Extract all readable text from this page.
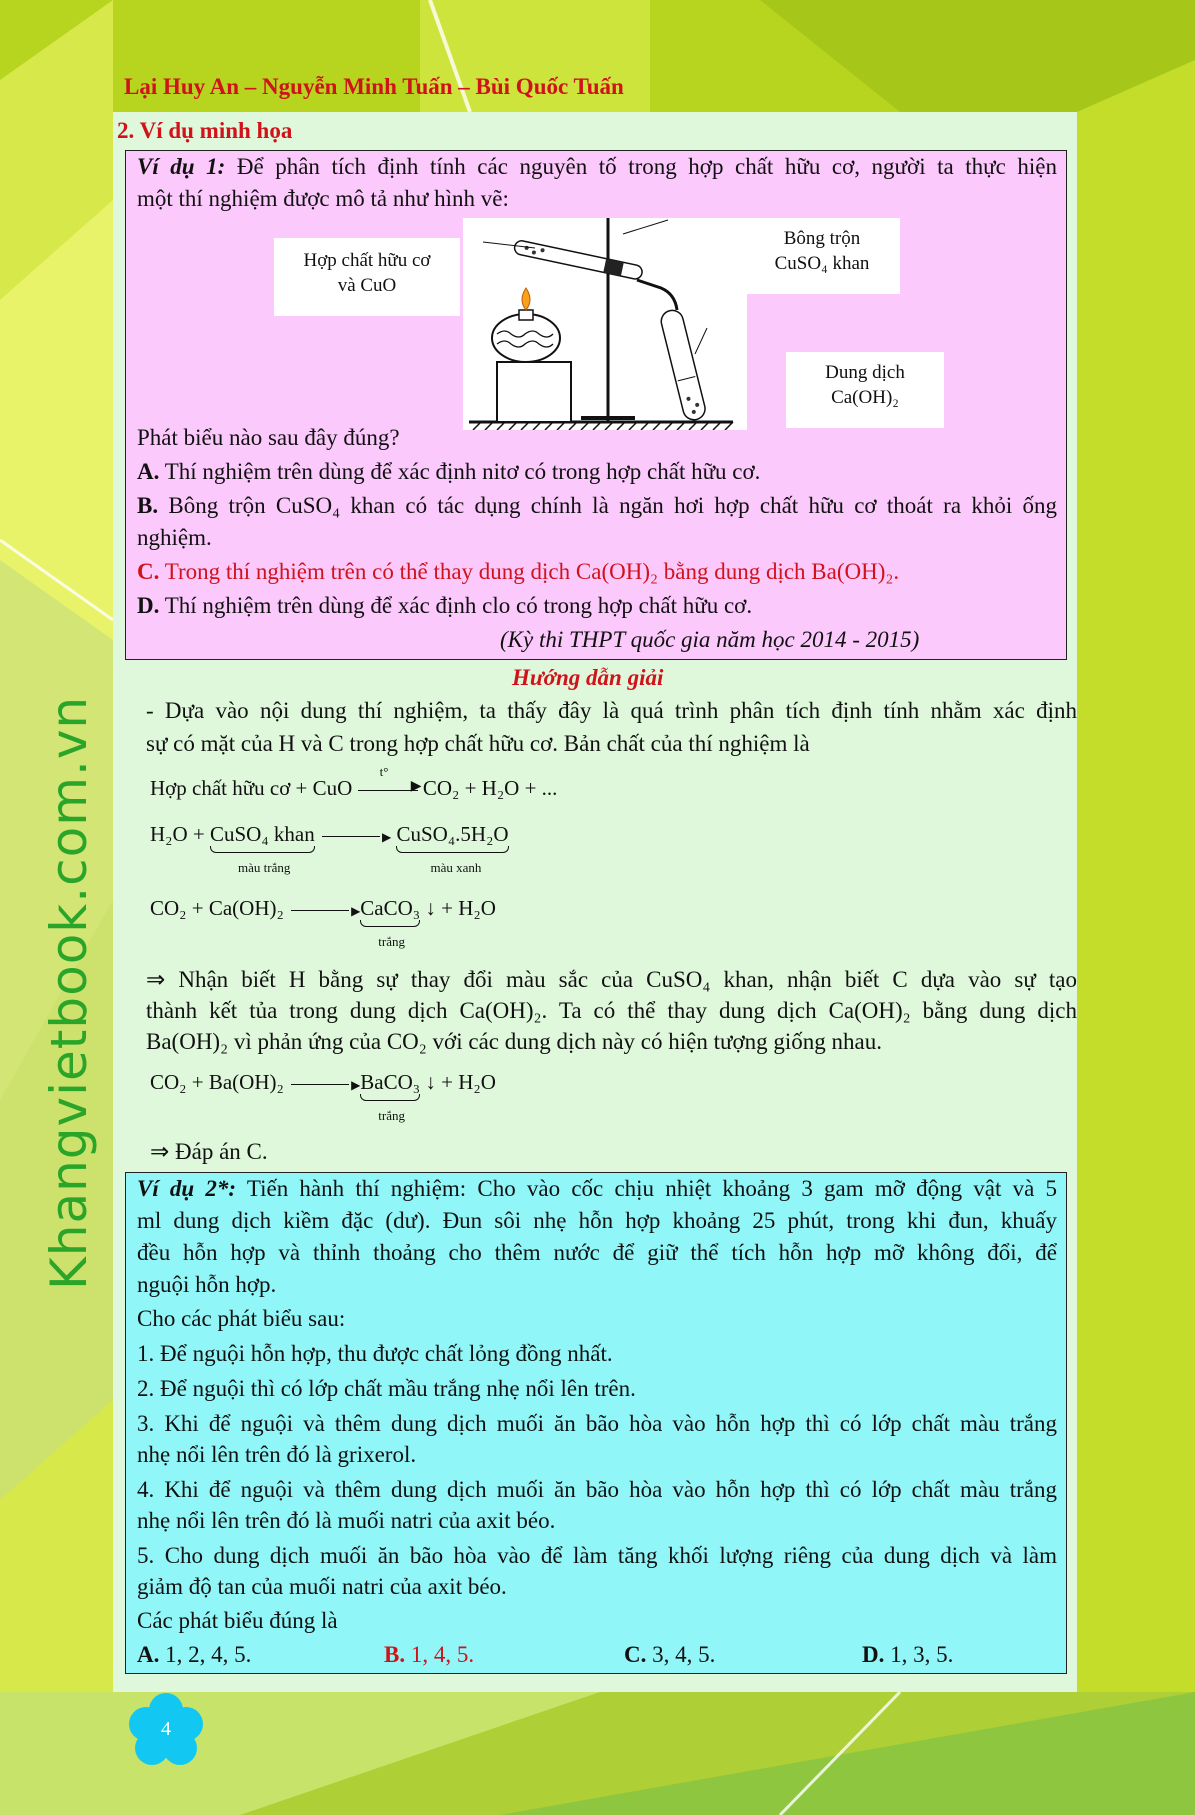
Lại Huy An – Nguyễn Minh Tuấn – Bùi Quốc Tuấn
2. Ví dụ minh họa
Ví dụ 1: Để phân tích định tính các nguyên tố trong hợp chất hữu cơ, người ta thực hiện
một thí nghiệm được mô tả như hình vẽ:
Hợp chất hữu cơ
và CuO
Bông trộn
CuSO₄ khan
Dung dịch
Ca(OH)₂
Phát biểu nào sau đây đúng?
A. Thí nghiệm trên dùng để xác định nitơ có trong hợp chất hữu cơ.
B. Bông trộn CuSO₄ khan có tác dụng chính là ngăn hơi hợp chất hữu cơ thoát ra khỏi ống
nghiệm.
C. Trong thí nghiệm trên có thể thay dung dịch Ca(OH)₂ bằng dung dịch Ba(OH)₂.
D. Thí nghiệm trên dùng để xác định clo có trong hợp chất hữu cơ.
(Kỳ thi THPT quốc gia năm học 2014 - 2015)
Hướng dẫn giải
- Dựa vào nội dung thí nghiệm, ta thấy đây là quá trình phân tích định tính nhằm xác định
sự có mặt của H và C trong hợp chất hữu cơ. Bản chất của thí nghiệm là
Hợp chất hữu cơ + CuO
t°
▶ CO₂ + H₂O + ...
H₂O + CuSO₄ khan
màu trắng
▶ CuSO₄.5H₂O
màu xanh
CO₂ + Ca(OH)₂	▶CaCO₃
trắng
↓ + H₂O
⇒ Nhận biết H bằng sự thay đổi màu sắc của CuSO₄ khan, nhận biết C dựa vào sự tạo
thành kết tủa trong dung dịch Ca(OH)₂. Ta có thể thay dung dịch Ca(OH)₂ bằng dung dịch
Ba(OH)₂ vì phản ứng của CO₂ với các dung dịch này có hiện tượng giống nhau.
CO₂ + Ba(OH)₂	▶BaCO₃
trắng
↓ + H₂O
⇒ Đáp án C.
Ví dụ 2*: Tiến hành thí nghiệm: Cho vào cốc chịu nhiệt khoảng 3 gam mỡ động vật và 5
ml dung dịch kiềm đặc (dư). Đun sôi nhẹ hỗn hợp khoảng 25 phút, trong khi đun, khuấy
đều hỗn hợp và thỉnh thoảng cho thêm nước để giữ thể tích hỗn hợp mỡ không đổi, để
nguội hỗn hợp.
Cho các phát biểu sau:
1. Để nguội hỗn hợp, thu được chất lỏng đồng nhất.
2. Để nguội thì có lớp chất mầu trắng nhẹ nổi lên trên.
3. Khi để nguội và thêm dung dịch muối ăn bão hòa vào hỗn hợp thì có lớp chất màu trắng
nhẹ nổi lên trên đó là grixerol.
4. Khi để nguội và thêm dung dịch muối ăn bão hòa vào hỗn hợp thì có lớp chất màu trắng
nhẹ nổi lên trên đó là muối natri của axit béo.
5. Cho dung dịch muối ăn bão hòa vào để làm tăng khối lượng riêng của dung dịch và làm
giảm độ tan của muối natri của axit béo.
Các phát biểu đúng là
A. 1, 2, 4, 5.	B. 1, 4, 5.	C. 3, 4, 5.	D. 1, 3, 5.
Khangvietbook.com.vn
4
